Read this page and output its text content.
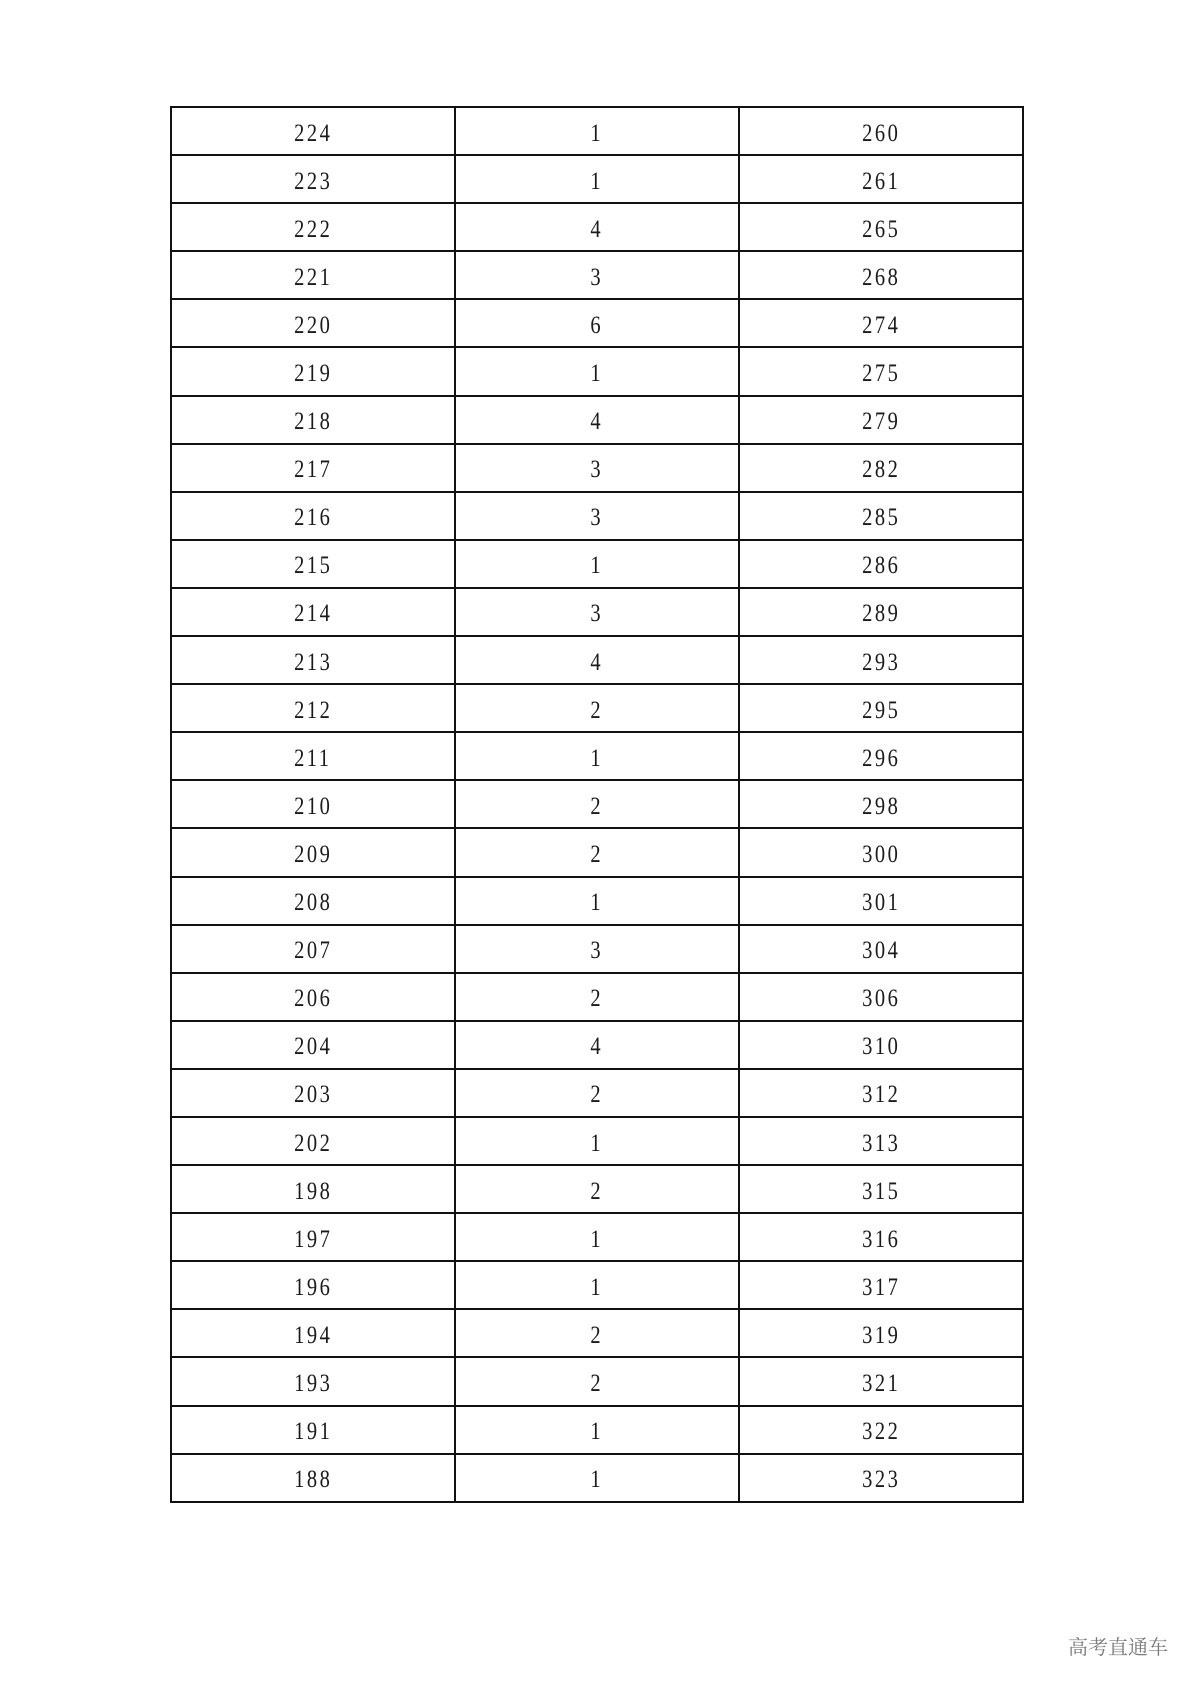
224	1	260
223	1	261
222	4	265
221	3	268
220	6	274
219	1	275
218	4	279
217	3	282
216	3	285
215	1	286
214	3	289
213	4	293
212	2	295
211	1	296
210	2	298
209	2	300
208	1	301
207	3	304
206	2	306
204	4	310
203	2	312
202	1	313
198	2	315
197	1	316
196	1	317
194	2	319
193	2	321
191	1	322
188	1	323
高考直通车
